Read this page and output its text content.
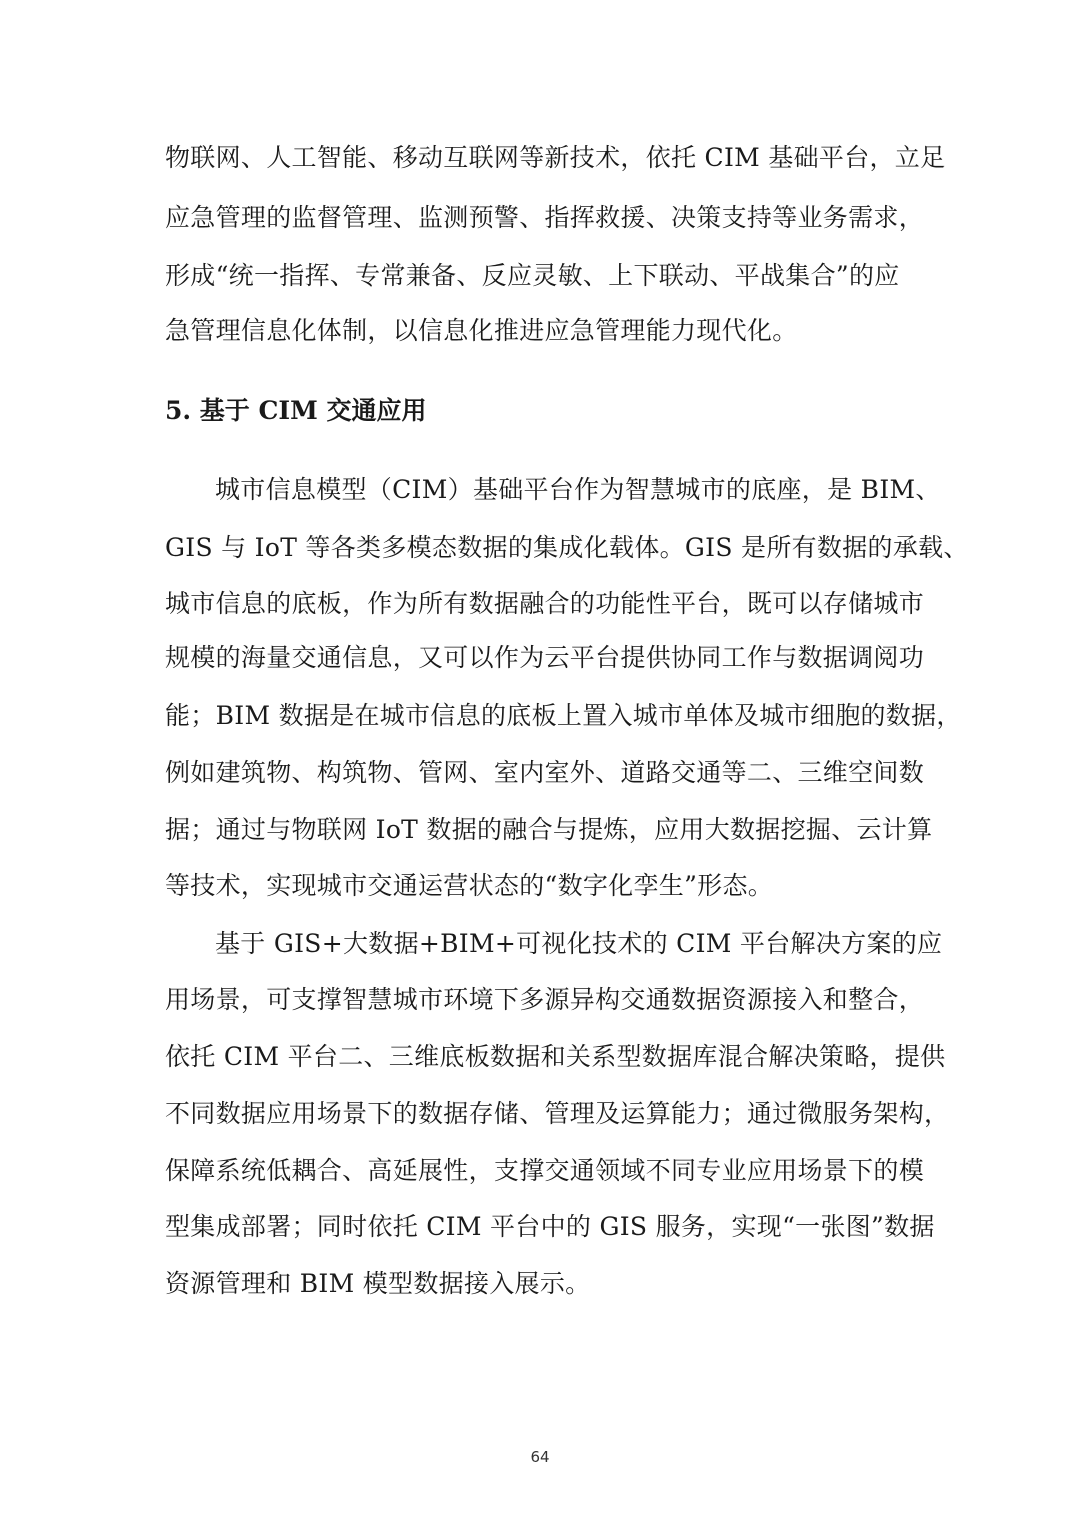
物联网、人工智能、移动互联网等新技术，依托 CIM 基础平台，立足
应急管理的监督管理、监测预警、指挥救援、决策支持等业务需求，
形成“统一指挥、专常兼备、反应灵敏、上下联动、平战集合”的应
急管理信息化体制，以信息化推进应急管理能力现代化。
5. 基于 CIM 交通应用
城市信息模型（CIM）基础平台作为智慧城市的底座，是 BIM、
GIS 与 IoT 等各类多模态数据的集成化载体。GIS 是所有数据的承载、
城市信息的底板，作为所有数据融合的功能性平台，既可以存储城市
规模的海量交通信息，又可以作为云平台提供协同工作与数据调阅功
能；BIM 数据是在城市信息的底板上置入城市单体及城市细胞的数据，
例如建筑物、构筑物、管网、室内室外、道路交通等二、三维空间数
据；通过与物联网 IoT 数据的融合与提炼，应用大数据挖掘、云计算
等技术，实现城市交通运营状态的“数字化孪生”形态。
基于 GIS+大数据+BIM+可视化技术的 CIM 平台解决方案的应
用场景，可支撑智慧城市环境下多源异构交通数据资源接入和整合，
依托 CIM 平台二、三维底板数据和关系型数据库混合解决策略，提供
不同数据应用场景下的数据存储、管理及运算能力；通过微服务架构，
保障系统低耦合、高延展性，支撑交通领域不同专业应用场景下的模
型集成部署；同时依托 CIM 平台中的 GIS 服务，实现“一张图”数据
资源管理和 BIM 模型数据接入展示。
64
